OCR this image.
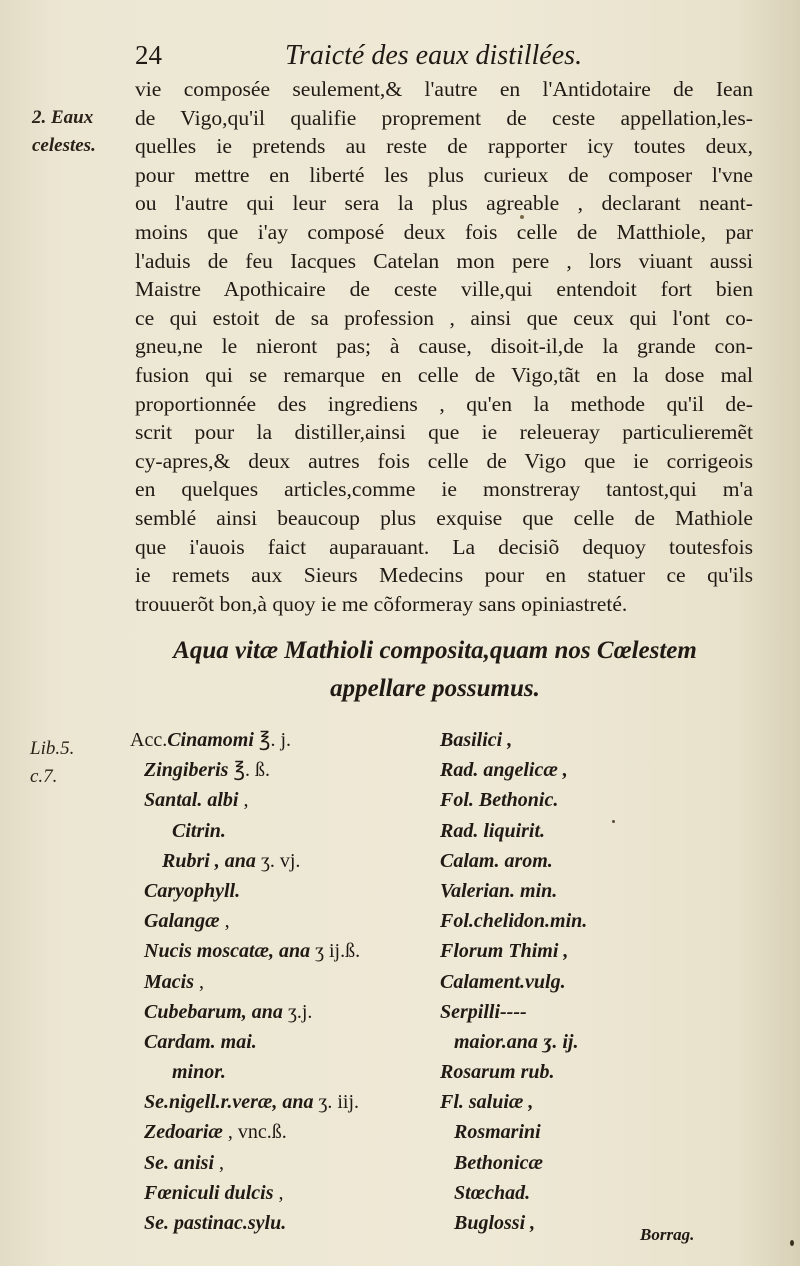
24	Traicté des eaux distillées.
2. Eaux
celestes.
vie composée seulement,& l'autre en l'Antidotaire de Iean
de Vigo,qu'il qualifie proprement de ceste appellation,les-
quelles ie pretends au reste de rapporter icy toutes deux,
pour mettre en liberté les plus curieux de composer l'vne
ou l'autre qui leur sera la plus agreable , declarant neant-
moins que i'ay composé deux fois celle de Matthiole, par
l'aduis de feu Iacques Catelan mon pere , lors viuant aussi
Maistre Apothicaire de ceste ville,qui entendoit fort bien
ce qui estoit de sa profession , ainsi que ceux qui l'ont co-
gneu,ne le nieront pas; à cause, disoit-il,de la grande con-
fusion qui se remarque en celle de Vigo,tãt en la dose mal
proportionnée des ingrediens , qu'en la methode qu'il de-
scrit pour la distiller,ainsi que ie releueray particulieremẽt
cy-apres,& deux autres fois celle de Vigo que ie corrigeois
en quelques articles,comme ie monstreray tantost,qui m'a
semblé ainsi beaucoup plus exquise que celle de Mathiole
que i'auois faict auparauant. La decisiõ dequoy toutesfois
ie remets aux Sieurs Medecins pour en statuer ce qu'ils
trouuerõt bon,à quoy ie me cõformeray sans opiniastreté.
Aqua vitæ Mathioli composita,quam nos Cœlestem
appellare possumus.
Lib.5.
c.7.
Acc.Cinamomi ℥. j.
Zingiberis ℥. ß.
Santal. albi ,
Citrin.
Rubri , ana ʒ. vj.
Caryophyll.
Galangæ ,
Nucis moscatæ, ana ʒ ij.ß.
Macis ,
Cubebarum, ana ʒ.j.
Cardam. mai.
minor.
Se.nigell.r.veræ, ana ʒ. iij.
Zedoariæ , vnc.ß.
Se. anisi ,
Fœniculi dulcis ,
Se. pastinac.sylu.
Basilici ,
Rad. angelicæ ,
Fol. Bethonic.
Rad. liquirit.
Calam. arom.
Valerian. min.
Fol.chelidon.min.
Florum Thimi ,
Calament.vulg.
Serpilli----
maior.ana ʒ. ij.
Rosarum rub.
Fl. saluiæ ,
Rosmarini
Bethonicæ
Stœchad.
Buglossi ,
Borrag.
